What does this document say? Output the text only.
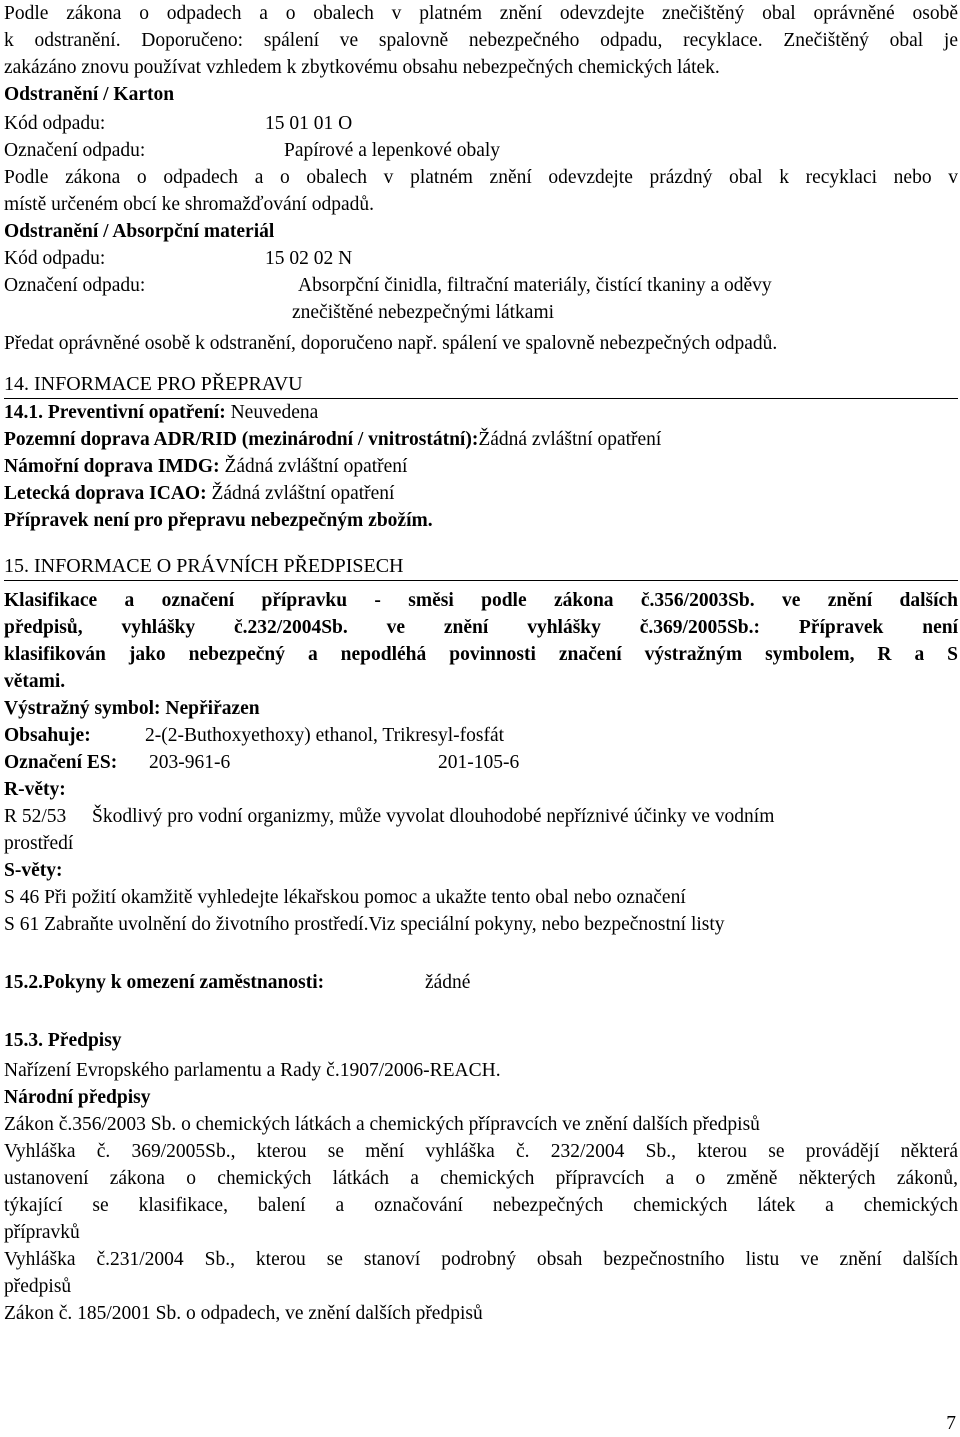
Podle zákona o odpadech a o obalech v platném znění odevzdejte znečištěný obal oprávněné osobě
k odstranění. Doporučeno: spálení ve spalovně nebezpečného odpadu, recyklace. Znečištěný obal je
zakázáno znovu používat vzhledem k zbytkovému obsahu nebezpečných chemických látek.
Odstranění / Karton
Kód odpadu:	15 01 01 O
Označení odpadu:	Papírové a lepenkové obaly
Podle zákona o odpadech a o obalech v platném znění odevzdejte prázdný obal k recyklaci nebo v
místě určeném obcí ke shromažďování odpadů.
Odstranění / Absorpční materiál
Kód odpadu:	15 02 02 N
Označení odpadu:	Absorpční činidla, filtrační materiály, čistící tkaniny a oděvy
znečištěné nebezpečnými látkami
Předat oprávněné osobě k odstranění, doporučeno např. spálení ve spalovně nebezpečných odpadů.
14. INFORMACE PRO PŘEPRAVU
14.1. Preventivní opatření: Neuvedena
Pozemní doprava ADR/RID (mezinárodní / vnitrostátní):Žádná zvláštní opatření
Námořní doprava IMDG: Žádná zvláštní opatření
Letecká doprava ICAO: Žádná zvláštní opatření
Přípravek není pro přepravu nebezpečným zbožím.
15. INFORMACE O PRÁVNÍCH PŘEDPISECH
Klasifikace a označení přípravku - směsi podle zákona č.356/2003Sb. ve znění dalších
předpisů, vyhlášky č.232/2004Sb. ve znění vyhlášky č.369/2005Sb.: Přípravek není
klasifikován jako nebezpečný a nepodléhá povinnosti značení výstražným symbolem, R a S
větami.
Výstražný symbol: Nepřiřazen
Obsahuje:	2-(2-Buthoxyethoxy) ethanol, Trikresyl-fosfát
Označení ES: 203-961-6	201-105-6
R-věty:
R 52/53 Škodlivý pro vodní organizmy, může vyvolat dlouhodobé nepříznivé účinky ve vodním
prostředí
S-věty:
S 46 Při požití okamžitě vyhledejte lékařskou pomoc a ukažte tento obal nebo označení
S 61 Zabraňte uvolnění do životního prostředí.Viz speciální pokyny, nebo bezpečnostní listy
15.2.Pokyny k omezení zaměstnanosti:	žádné
15.3. Předpisy
Nařízení Evropského parlamentu a Rady č.1907/2006-REACH.
Národní předpisy
Zákon č.356/2003 Sb. o chemických látkách a chemických přípravcích ve znění dalších předpisů
Vyhláška č. 369/2005Sb., kterou se mění vyhláška č. 232/2004 Sb., kterou se provádějí některá
ustanovení zákona o chemických látkách a chemických přípravcích a o změně některých zákonů,
týkající se klasifikace, balení a označování nebezpečných chemických látek a chemických
přípravků
Vyhláška č.231/2004 Sb., kterou se stanoví podrobný obsah bezpečnostního listu ve znění dalších
předpisů
Zákon č. 185/2001 Sb. o odpadech, ve znění dalších předpisů
7
